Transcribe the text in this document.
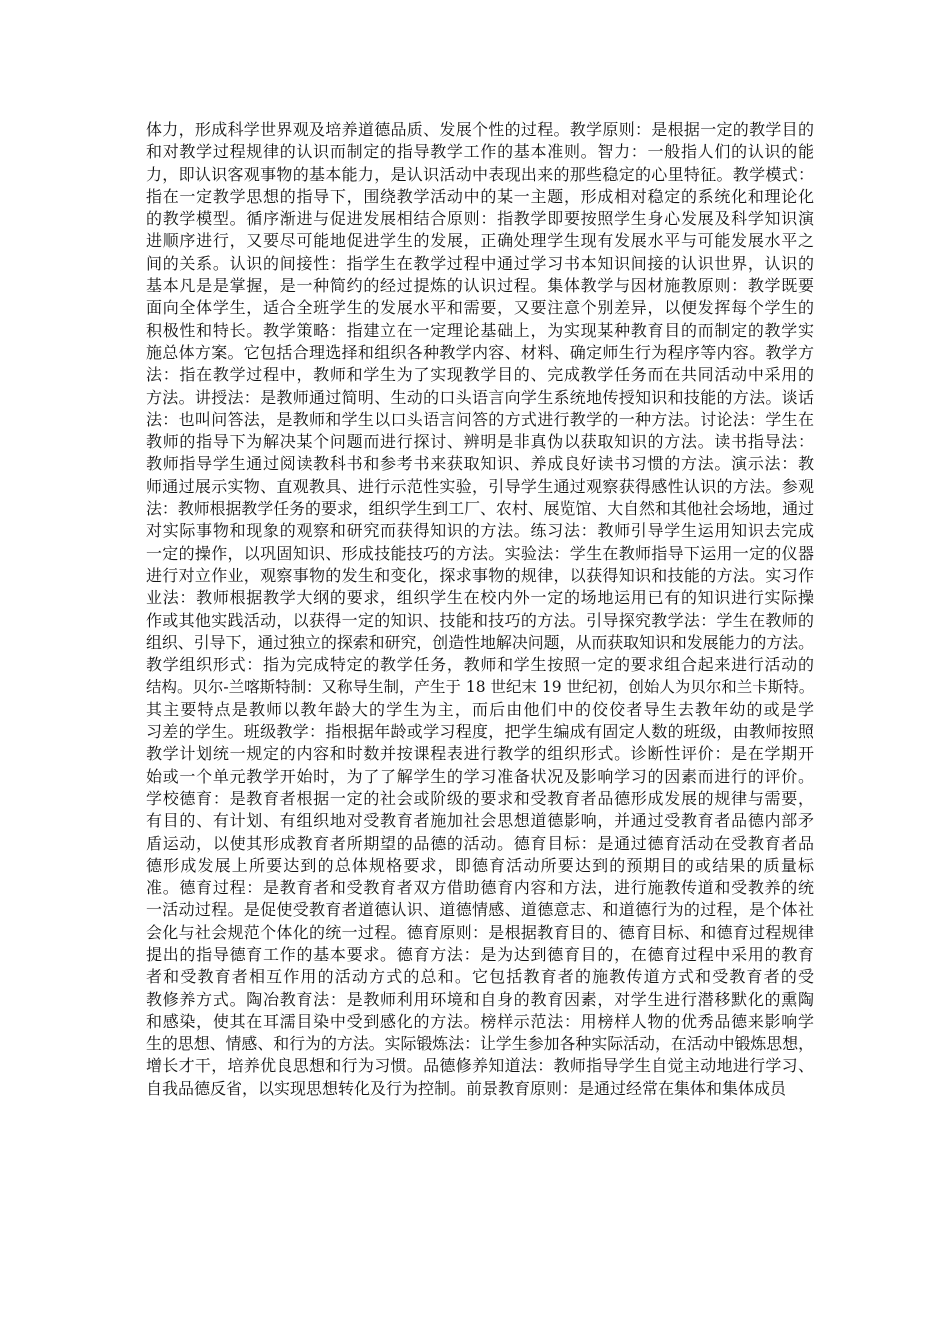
体力，形成科学世界观及培养道德品质、发展个性的过程。教学原则：是根据一定的教学目的
和对教学过程规律的认识而制定的指导教学工作的基本准则。智力：一般指人们的认识的能
力，即认识客观事物的基本能力，是认识活动中表现出来的那些稳定的心里特征。教学模式：
指在一定教学思想的指导下，围绕教学活动中的某一主题，形成相对稳定的系统化和理论化
的教学模型。循序渐进与促进发展相结合原则：指教学即要按照学生身心发展及科学知识演
进顺序进行，又要尽可能地促进学生的发展，正确处理学生现有发展水平与可能发展水平之
间的关系。认识的间接性：指学生在教学过程中通过学习书本知识间接的认识世界，认识的
基本凡是是掌握，是一种简约的经过提炼的认识过程。集体教学与因材施教原则：教学既要
面向全体学生，适合全班学生的发展水平和需要，又要注意个别差异，以便发挥每个学生的
积极性和特长。教学策略：指建立在一定理论基础上，为实现某种教育目的而制定的教学实
施总体方案。它包括合理选择和组织各种教学内容、材料、确定师生行为程序等内容。教学方
法：指在教学过程中，教师和学生为了实现教学目的、完成教学任务而在共同活动中采用的
方法。讲授法：是教师通过简明、生动的口头语言向学生系统地传授知识和技能的方法。谈话
法：也叫问答法，是教师和学生以口头语言问答的方式进行教学的一种方法。讨论法：学生在
教师的指导下为解决某个问题而进行探讨、辨明是非真伪以获取知识的方法。读书指导法：
教师指导学生通过阅读教科书和参考书来获取知识、养成良好读书习惯的方法。演示法：教
师通过展示实物、直观教具、进行示范性实验，引导学生通过观察获得感性认识的方法。参观
法：教师根据教学任务的要求，组织学生到工厂、农村、展览馆、大自然和其他社会场地，通过
对实际事物和现象的观察和研究而获得知识的方法。练习法：教师引导学生运用知识去完成
一定的操作，以巩固知识、形成技能技巧的方法。实验法：学生在教师指导下运用一定的仪器
进行对立作业，观察事物的发生和变化，探求事物的规律，以获得知识和技能的方法。实习作
业法：教师根据教学大纲的要求，组织学生在校内外一定的场地运用已有的知识进行实际操
作或其他实践活动，以获得一定的知识、技能和技巧的方法。引导探究教学法：学生在教师的
组织、引导下，通过独立的探索和研究，创造性地解决问题，从而获取知识和发展能力的方法。
教学组织形式：指为完成特定的教学任务，教师和学生按照一定的要求组合起来进行活动的
结构。贝尔-兰喀斯特制：又称导生制，产生于 18 世纪末 19 世纪初，创始人为贝尔和兰卡斯特。
其主要特点是教师以教年龄大的学生为主，而后由他们中的佼佼者导生去教年幼的或是学
习差的学生。班级教学：指根据年龄或学习程度，把学生编成有固定人数的班级，由教师按照
教学计划统一规定的内容和时数并按课程表进行教学的组织形式。诊断性评价：是在学期开
始或一个单元教学开始时，为了了解学生的学习准备状况及影响学习的因素而进行的评价。
学校德育：是教育者根据一定的社会或阶级的要求和受教育者品德形成发展的规律与需要，
有目的、有计划、有组织地对受教育者施加社会思想道德影响，并通过受教育者品德内部矛
盾运动，以使其形成教育者所期望的品德的活动。德育目标：是通过德育活动在受教育者品
德形成发展上所要达到的总体规格要求，即德育活动所要达到的预期目的或结果的质量标
准。德育过程：是教育者和受教育者双方借助德育内容和方法，进行施教传道和受教养的统
一活动过程。是促使受教育者道德认识、道德情感、道德意志、和道德行为的过程，是个体社
会化与社会规范个体化的统一过程。德育原则：是根据教育目的、德育目标、和德育过程规律
提出的指导德育工作的基本要求。德育方法：是为达到德育目的，在德育过程中采用的教育
者和受教育者相互作用的活动方式的总和。它包括教育者的施教传道方式和受教育者的受
教修养方式。陶冶教育法：是教师利用环境和自身的教育因素，对学生进行潜移默化的熏陶
和感染，使其在耳濡目染中受到感化的方法。榜样示范法：用榜样人物的优秀品德来影响学
生的思想、情感、和行为的方法。实际锻炼法：让学生参加各种实际活动，在活动中锻炼思想，
增长才干，培养优良思想和行为习惯。品德修养知道法：教师指导学生自觉主动地进行学习、
自我品德反省，以实现思想转化及行为控制。前景教育原则：是通过经常在集体和集体成员
